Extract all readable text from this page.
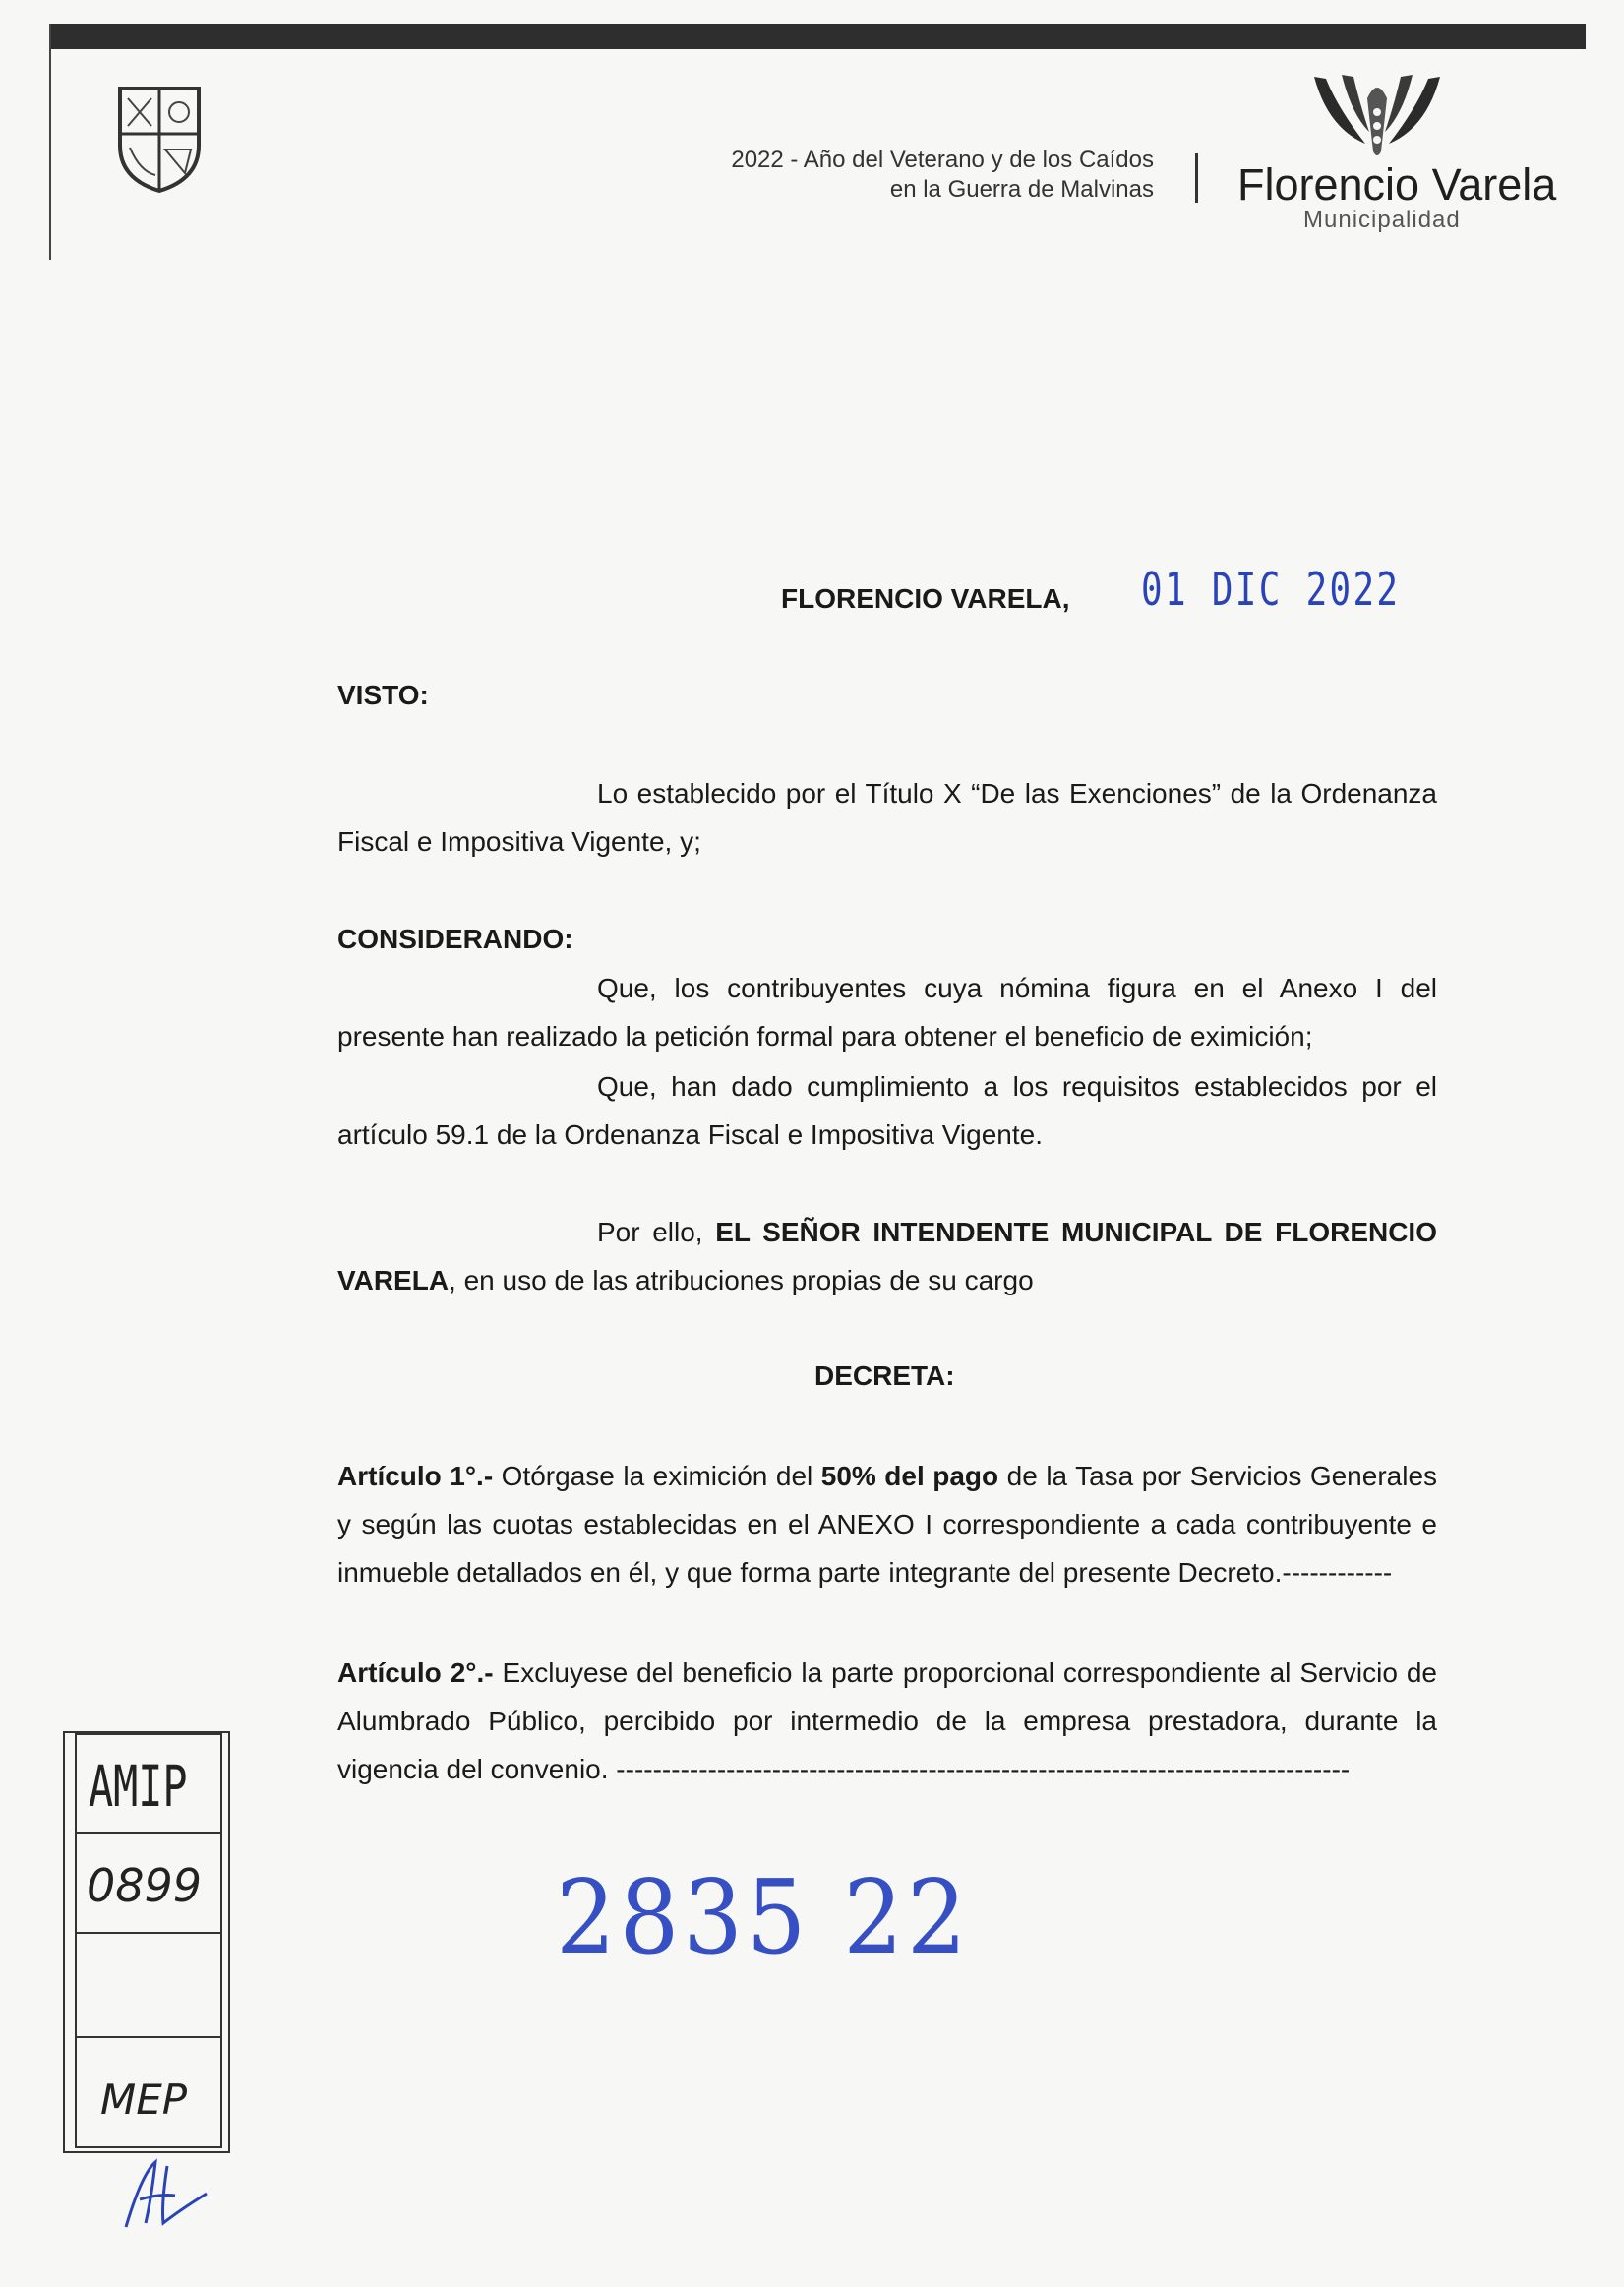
2022 - Año del Veterano y de los Caídos
en la Guerra de Malvinas Florencio Varela
Municipalidad
FLORENCIO VARELA, 01 DIC 2022
VISTO:
Lo establecido por el Título X “De las Exenciones” de la Ordenanza Fiscal e Impositiva Vigente, y;
CONSIDERANDO:
Que, los contribuyentes cuya nómina figura en el Anexo I del presente han realizado la petición formal para obtener el beneficio de eximición;
Que, han dado cumplimiento a los requisitos establecidos por el artículo 59.1 de la Ordenanza Fiscal e Impositiva Vigente.
Por ello, EL SEÑOR INTENDENTE MUNICIPAL DE FLORENCIO VARELA, en uso de las atribuciones propias de su cargo
DECRETA:
Artículo 1°.- Otórgase la eximición del 50% del pago de la Tasa por Servicios Generales y según las cuotas establecidas en el ANEXO I correspondiente a cada contribuyente e inmueble detallados en él, y que forma parte integrante del presente Decreto.------------
Artículo 2°.- Excluyese del beneficio la parte proporcional correspondiente al Servicio de Alumbrado Público, percibido por intermedio de la empresa prestadora, durante la vigencia del convenio. --------------------------------------------------------------------------------
2835 22
AMIP
0899
MEP
